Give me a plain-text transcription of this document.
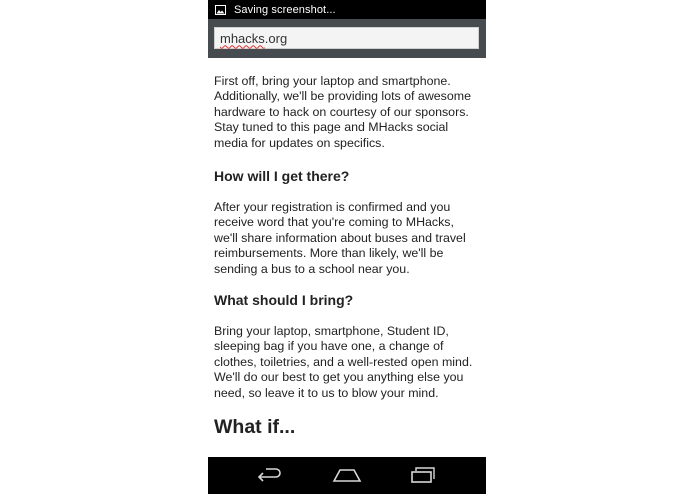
Saving screenshot...
mhacks.org

First off, bring your laptop and smartphone. Additionally, we'll be providing lots of awesome hardware to hack on courtesy of our sponsors. Stay tuned to this page and MHacks social media for updates on specifics.

How will I get there?

After your registration is confirmed and you receive word that you're coming to MHacks, we'll share information about buses and travel reimbursements. More than likely, we'll be sending a bus to a school near you.

What should I bring?

Bring your laptop, smartphone, Student ID, sleeping bag if you have one, a change of clothes, toiletries, and a well-rested open mind. We'll do our best to get you anything else you need, so leave it to us to blow your mind.

What if...
